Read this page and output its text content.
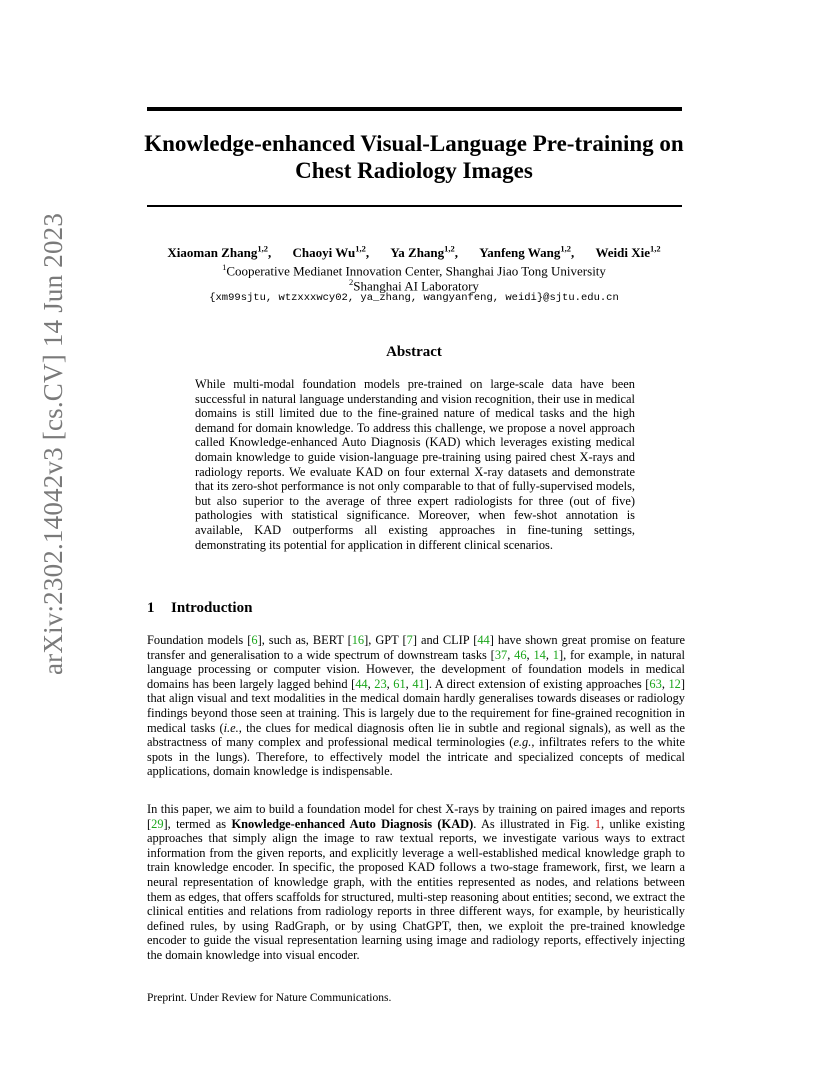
arXiv:2302.14042v3 [cs.CV] 14 Jun 2023
Knowledge-enhanced Visual-Language Pre-training on
Chest Radiology Images
Xiaoman Zhang$^{1,2}$, Chaoyi Wu$^{1,2}$, Ya Zhang$^{1,2}$, Yanfeng Wang$^{1,2}$, Weidi Xie$^{1,2}$
$^1$Cooperative Medianet Innovation Center, Shanghai Jiao Tong University
$^2$Shanghai AI Laboratory
{xm99sjtu, wtzxxxwcy02, ya_zhang, wangyanfeng, weidi}@sjtu.edu.cn
Abstract

While multi-modal foundation models pre-trained on large-scale data have been successful in natural language understanding and vision recognition, their use in medical domains is still limited due to the fine-grained nature of medical tasks and the high demand for domain knowledge. To address this challenge, we propose a novel approach called Knowledge-enhanced Auto Diagnosis (KAD) which leverages existing medical domain knowledge to guide vision-language pre-training using paired chest X-rays and radiology reports. We evaluate KAD on four external X-ray datasets and demonstrate that its zero-shot performance is not only comparable to that of fully-supervised models, but also superior to the average of three expert radiologists for three (out of five) pathologies with statistical significance. Moreover, when few-shot annotation is available, KAD outperforms all existing approaches in fine-tuning settings, demonstrating its potential for application in different clinical scenarios.

1 Introduction

Foundation models [6], such as, BERT [16], GPT [7] and CLIP [44] have shown great promise on feature transfer and generalisation to a wide spectrum of downstream tasks [37, 46, 14, 1], for example, in natural language processing or computer vision. However, the development of foundation models in medical domains has been largely lagged behind [44, 23, 61, 41]. A direct extension of existing approaches [63, 12] that align visual and text modalities in the medical domain hardly generalises towards diseases or radiology findings beyond those seen at training. This is largely due to the requirement for fine-grained recognition in medical tasks (i.e., the clues for medical diagnosis often lie in subtle and regional signals), as well as the abstractness of many complex and professional medical terminologies (e.g., infiltrates refers to the white spots in the lungs). Therefore, to effectively model the intricate and specialized concepts of medical applications, domain knowledge is indispensable.

In this paper, we aim to build a foundation model for chest X-rays by training on paired images and reports [29], termed as Knowledge-enhanced Auto Diagnosis (KAD). As illustrated in Fig. 1, unlike existing approaches that simply align the image to raw textual reports, we investigate various ways to extract information from the given reports, and explicitly leverage a well-established medical knowledge graph to train knowledge encoder. In specific, the proposed KAD follows a two-stage framework, first, we learn a neural representation of knowledge graph, with the entities represented as nodes, and relations between them as edges, that offers scaffolds for structured, multi-step reasoning about entities; second, we extract the clinical entities and relations from radiology reports in three different ways, for example, by heuristically defined rules, by using RadGraph, or by using ChatGPT, then, we exploit the pre-trained knowledge encoder to guide the visual representation learning using image and radiology reports, effectively injecting the domain knowledge into visual encoder.

Preprint. Under Review for Nature Communications.
